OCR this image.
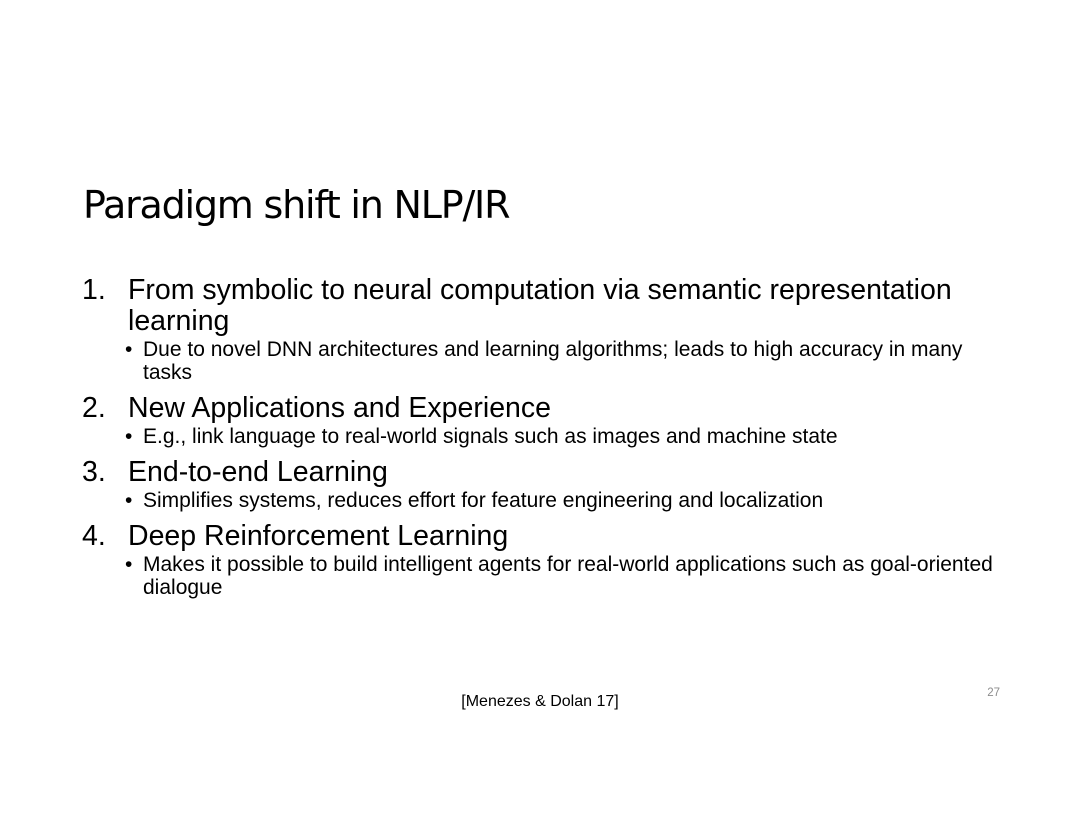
Paradigm shift in NLP/IR
1. From symbolic to neural computation via semantic representation learning
• Due to novel DNN architectures and learning algorithms; leads to high accuracy in many tasks
2. New Applications and Experience
• E.g., link language to real-world signals such as images and machine state
3. End-to-end Learning
• Simplifies systems, reduces effort for feature engineering and localization
4. Deep Reinforcement Learning
• Makes it possible to build intelligent agents for real-world applications such as goal-oriented dialogue
[Menezes & Dolan 17]	27
